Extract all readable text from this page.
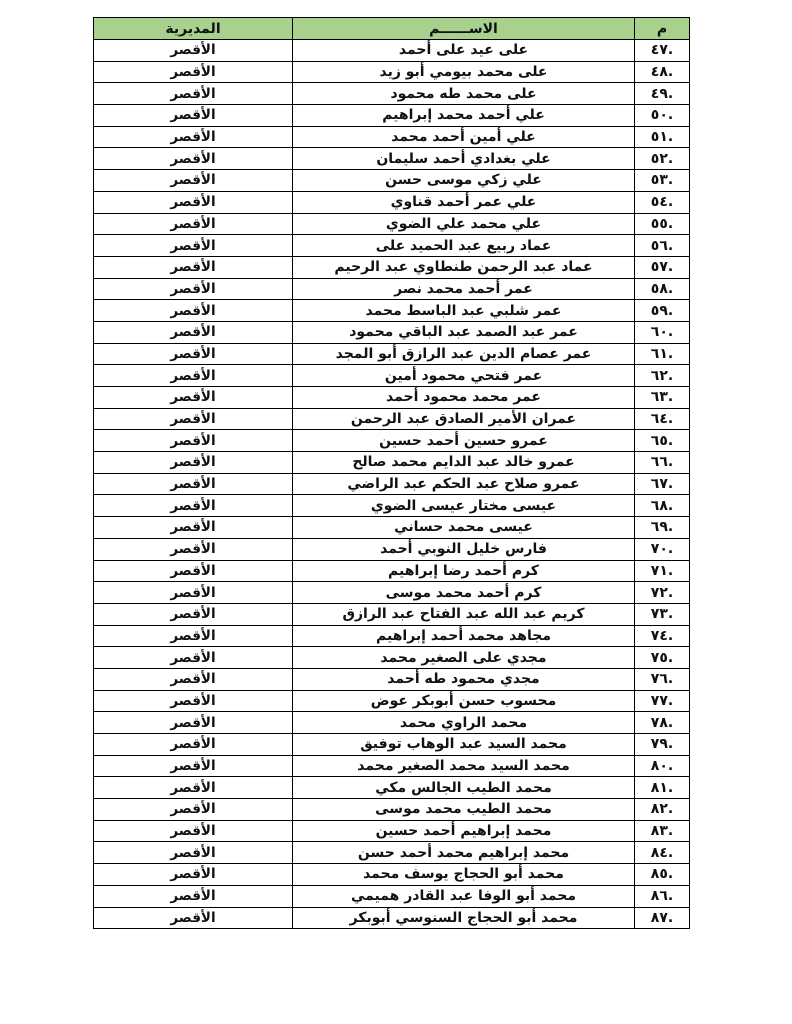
م	الاســــــم	المديرية
.٤٧	على عيد على أحمد	الأقصر
.٤٨	على محمد بيومي أبو زيد	الأقصر
.٤٩	على محمد طه محمود	الأقصر
.٥٠	علي أحمد محمد إبراهيم	الأقصر
.٥١	علي أمين أحمد محمد	الأقصر
.٥٢	علي بغدادي أحمد سليمان	الأقصر
.٥٣	علي زكي موسى حسن	الأقصر
.٥٤	علي عمر أحمد قناوي	الأقصر
.٥٥	علي محمد علي الضوي	الأقصر
.٥٦	عماد ربيع عبد الحميد على	الأقصر
.٥٧	عماد عبد الرحمن طنطاوي عبد الرحيم	الأقصر
.٥٨	عمر أحمد محمد نصر	الأقصر
.٥٩	عمر شلبي عبد الباسط محمد	الأقصر
.٦٠	عمر عبد الصمد عبد الباقي محمود	الأقصر
.٦١	عمر عصام الدين عبد الرازق أبو المجد	الأقصر
.٦٢	عمر فتحي محمود أمين	الأقصر
.٦٣	عمر محمد محمود أحمد	الأقصر
.٦٤	عمران الأمير الصادق عبد الرحمن	الأقصر
.٦٥	عمرو حسين أحمد حسين	الأقصر
.٦٦	عمرو خالد عبد الدايم محمد صالح	الأقصر
.٦٧	عمرو صلاح عبد الحكم عبد الراضي	الأقصر
.٦٨	عيسى مختار عيسى الضوي	الأقصر
.٦٩	عيسى محمد حساني	الأقصر
.٧٠	فارس خليل النوبي أحمد	الأقصر
.٧١	كرم أحمد رضا إبراهيم	الأقصر
.٧٢	كرم أحمد محمد موسى	الأقصر
.٧٣	كريم عبد الله عبد الفتاح عبد الرازق	الأقصر
.٧٤	مجاهد محمد أحمد إبراهيم	الأقصر
.٧٥	مجدي على الصغير محمد	الأقصر
.٧٦	مجدي محمود طه أحمد	الأقصر
.٧٧	محسوب حسن أبوبكر عوض	الأقصر
.٧٨	محمد الراوي محمد	الأقصر
.٧٩	محمد السيد عبد الوهاب توفيق	الأقصر
.٨٠	محمد السيد محمد الصغير محمد	الأقصر
.٨١	محمد الطيب الجالس مكي	الأقصر
.٨٢	محمد الطيب محمد موسى	الأقصر
.٨٣	محمد إبراهيم أحمد حسين	الأقصر
.٨٤	محمد إبراهيم محمد أحمد حسن	الأقصر
.٨٥	محمد أبو الحجاج يوسف محمد	الأقصر
.٨٦	محمد أبو الوفا عبد القادر هميمي	الأقصر
.٨٧	محمد أبو الحجاج السنوسي أبوبكر	الأقصر
